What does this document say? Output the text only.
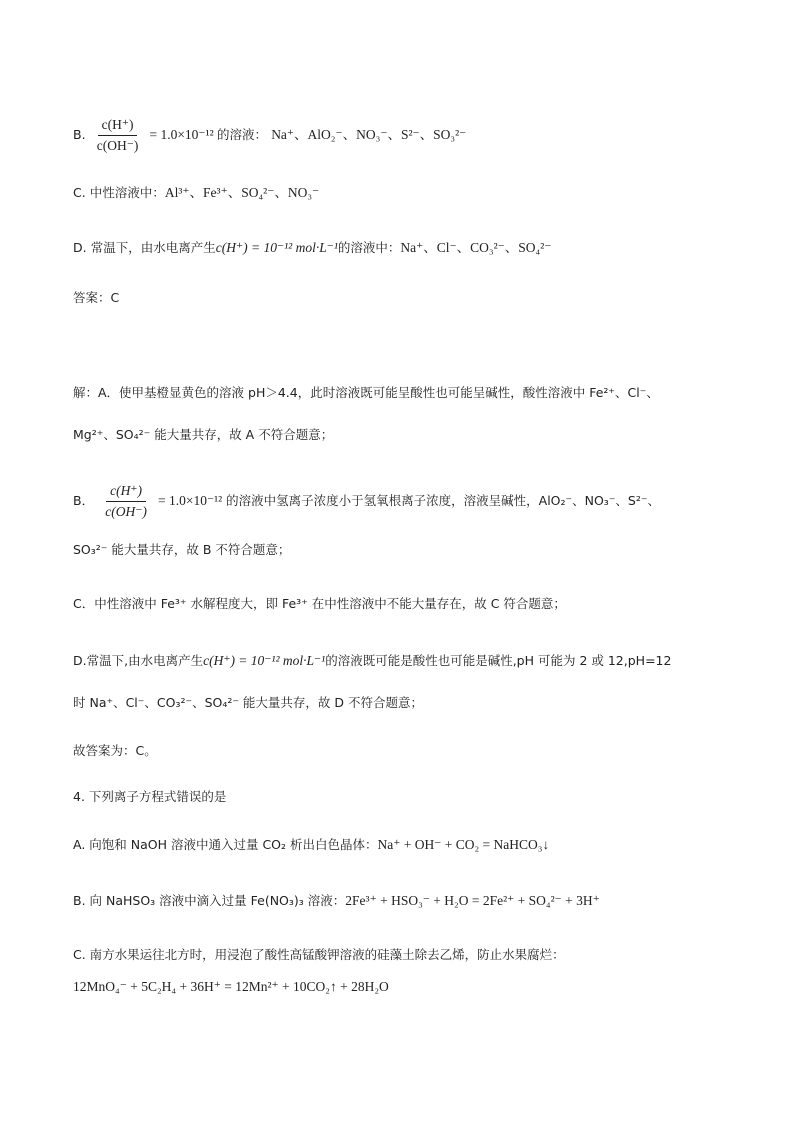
B. $\frac{c(H^+)}{c(OH^-)} = 1.0\times 10^{-12}$ 的溶液： Na⁺、AlO₂⁻、NO₃⁻、S²⁻、SO₃²⁻
C. 中性溶液中：Al³⁺、Fe³⁺、SO₄²⁻、NO₃⁻
D. 常温下，由水电离产生c(H⁺) = 10⁻¹² mol·L⁻¹的溶液中：Na⁺、Cl⁻、CO₃²⁻、SO₄²⁻
答案：C
解：A．使甲基橙显黄色的溶液 pH＞4.4，此时溶液既可能呈酸性也可能呈碱性，酸性溶液中 Fe²⁺、Cl⁻、
Mg²⁺、SO₄²⁻ 能大量共存，故 A 不符合题意；
B． $\frac{c(H^+)}{c(OH^-)} = 1.0\times 10^{-12}$ 的溶液中氢离子浓度小于氢氧根离子浓度，溶液呈碱性，AlO₂⁻、NO₃⁻、S²⁻、
SO₃²⁻ 能大量共存，故 B 不符合题意；
C．中性溶液中 Fe³⁺ 水解程度大，即 Fe³⁺ 在中性溶液中不能大量存在，故 C 符合题意；
D.常温下,由水电离产生c(H⁺) = 10⁻¹² mol·L⁻¹的溶液既可能是酸性也可能是碱性,pH 可能为 2 或 12,pH=12
时 Na⁺、Cl⁻、CO₃²⁻、SO₄²⁻ 能大量共存，故 D 不符合题意；
故答案为：C。
4. 下列离子方程式错误的是
A. 向饱和 NaOH 溶液中通入过量 CO₂ 析出白色晶体：Na⁺ + OH⁻ + CO₂ = NaHCO₃↓
B. 向 NaHSO₃ 溶液中滴入过量 Fe(NO₃)₃ 溶液：2Fe³⁺ + HSO₃⁻ + H₂O = 2Fe²⁺ + SO₄²⁻ + 3H⁺
C. 南方水果运往北方时，用浸泡了酸性高锰酸钾溶液的硅藻土除去乙烯，防止水果腐烂：
12MnO₄⁻ + 5C₂H₄ + 36H⁺ = 12Mn²⁺ + 10CO₂↑ + 28H₂O
